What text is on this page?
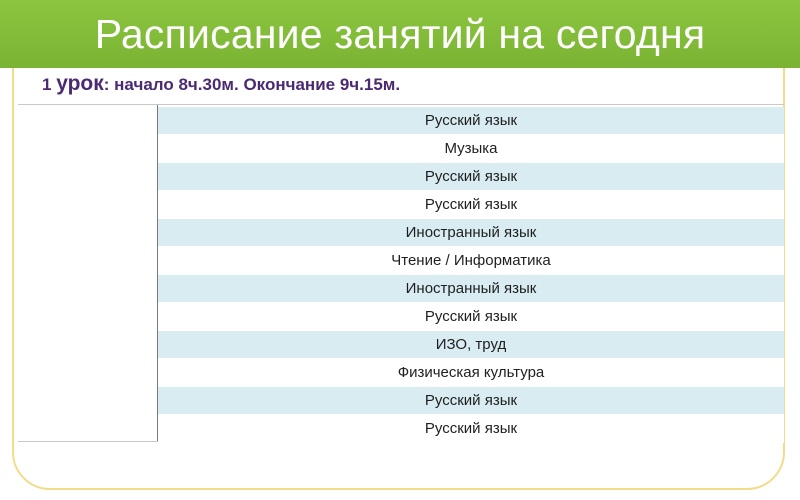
Расписание занятий на сегодня
1 урок: начало 8ч.30м. Окончание 9ч.15м.
Русский язык
Музыка
Русский язык
Русский язык
Иностранный язык
Чтение / Информатика
Иностранный язык
Русский язык
ИЗО, труд
Физическая культура
Русский язык
Русский язык
